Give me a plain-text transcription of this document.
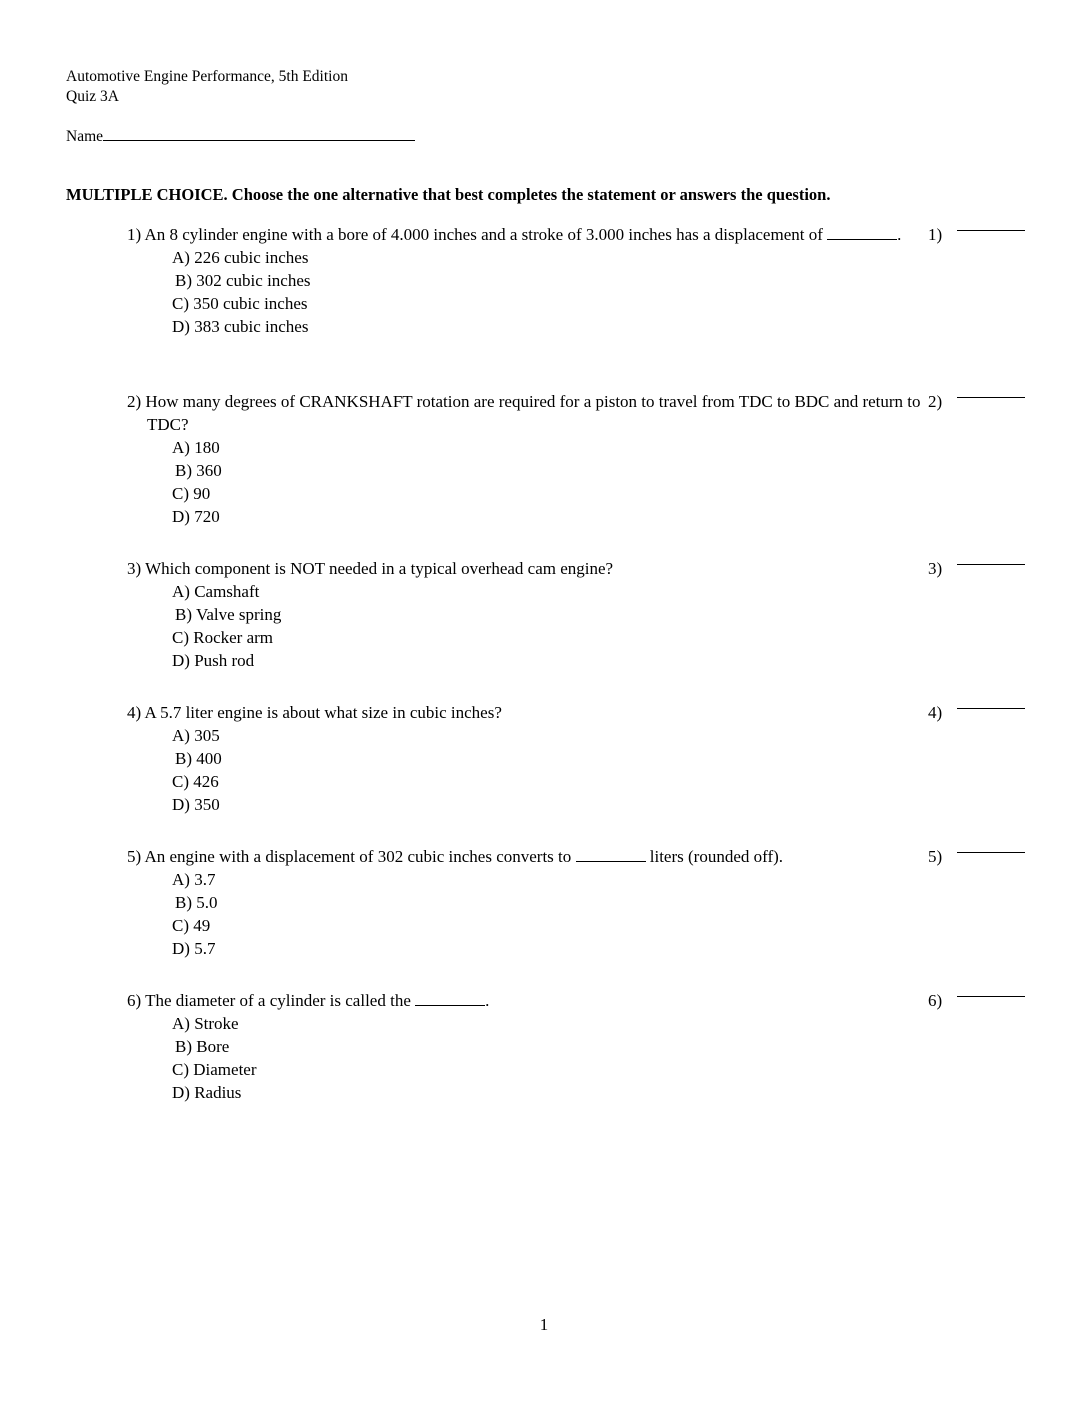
Automotive Engine Performance, 5th Edition
Quiz 3A
Name
MULTIPLE CHOICE. Choose the one alternative that best completes the statement or answers the question.
1) An 8 cylinder engine with a bore of 4.000 inches and a stroke of 3.000 inches has a displacement of	.
A) 226 cubic inches
B) 302 cubic inches
C) 350 cubic inches
D) 383 cubic inches
1)
2) How many degrees of CRANKSHAFT rotation are required for a piston to travel from TDC to BDC and return to TDC?
A) 180
B) 360
C) 90
D) 720
2)
3) Which component is NOT needed in a typical overhead cam engine?
A) Camshaft
B) Valve spring
C) Rocker arm
D) Push rod
3)
4) A 5.7 liter engine is about what size in cubic inches?
A) 305
B) 400
C) 426
D) 350
4)
5) An engine with a displacement of 302 cubic inches converts to	liters (rounded off).
A) 3.7
B) 5.0
C) 49
D) 5.7
5)
6) The diameter of a cylinder is called the	.
A) Stroke
B) Bore
C) Diameter
D) Radius
6)
1
